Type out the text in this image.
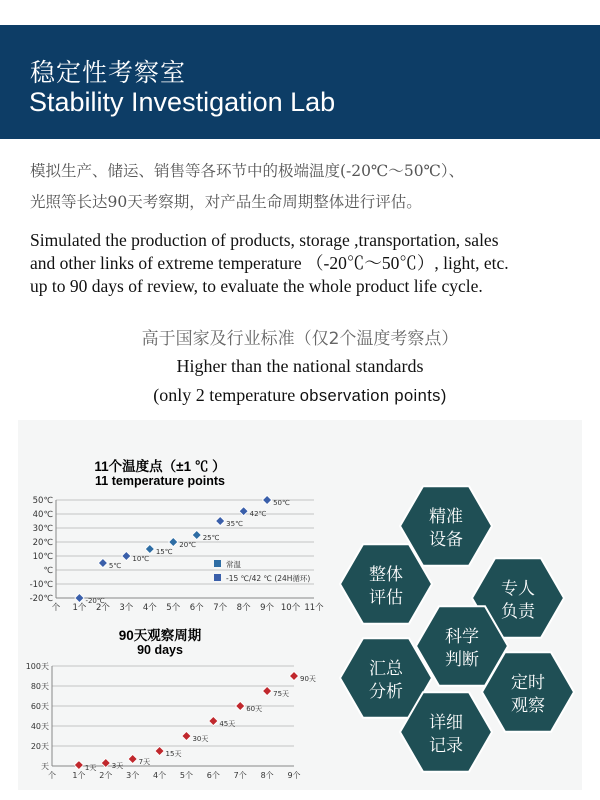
稳定性考察室
Stability Investigation Lab
模拟生产、储运、销售等各环节中的极端温度(-20℃～50℃）、
光照等长达90天考察期，对产品生命周期整体进行评估。
Simulated the production of products, storage ,transportation, sales
and other links of extreme temperature （-20℃～50℃）, light, etc.
up to 90 days of review, to evaluate the whole product life cycle.
高于国家及行业标准（仅2个温度考察点）
Higher than the national standards
(only 2 temperature observation points)
11个温度点（±1 ℃ ）
11 temperature points
-20℃
-10℃
℃
10℃
20℃
30℃
40℃
50℃
个 1个 2个 3个 4个 5个 6个 7个 8个 9个 10个 11个
15℃
20℃
25℃
-20℃
5℃
10℃
35℃
42℃
50℃
常温
-15 ℃/42 ℃ (24H循环)
90天观察周期
90 days
天
20天
40天
60天
80天
100天
个 1个 2个 3个 4个 5个 6个 7个 8个 9个
1天 3天 7天
15天
30天
45天
60天
75天
90天
精准
设备
整体
评估	专人
负责
科学
判断
汇总
分析	定时
观察
详细
记录
